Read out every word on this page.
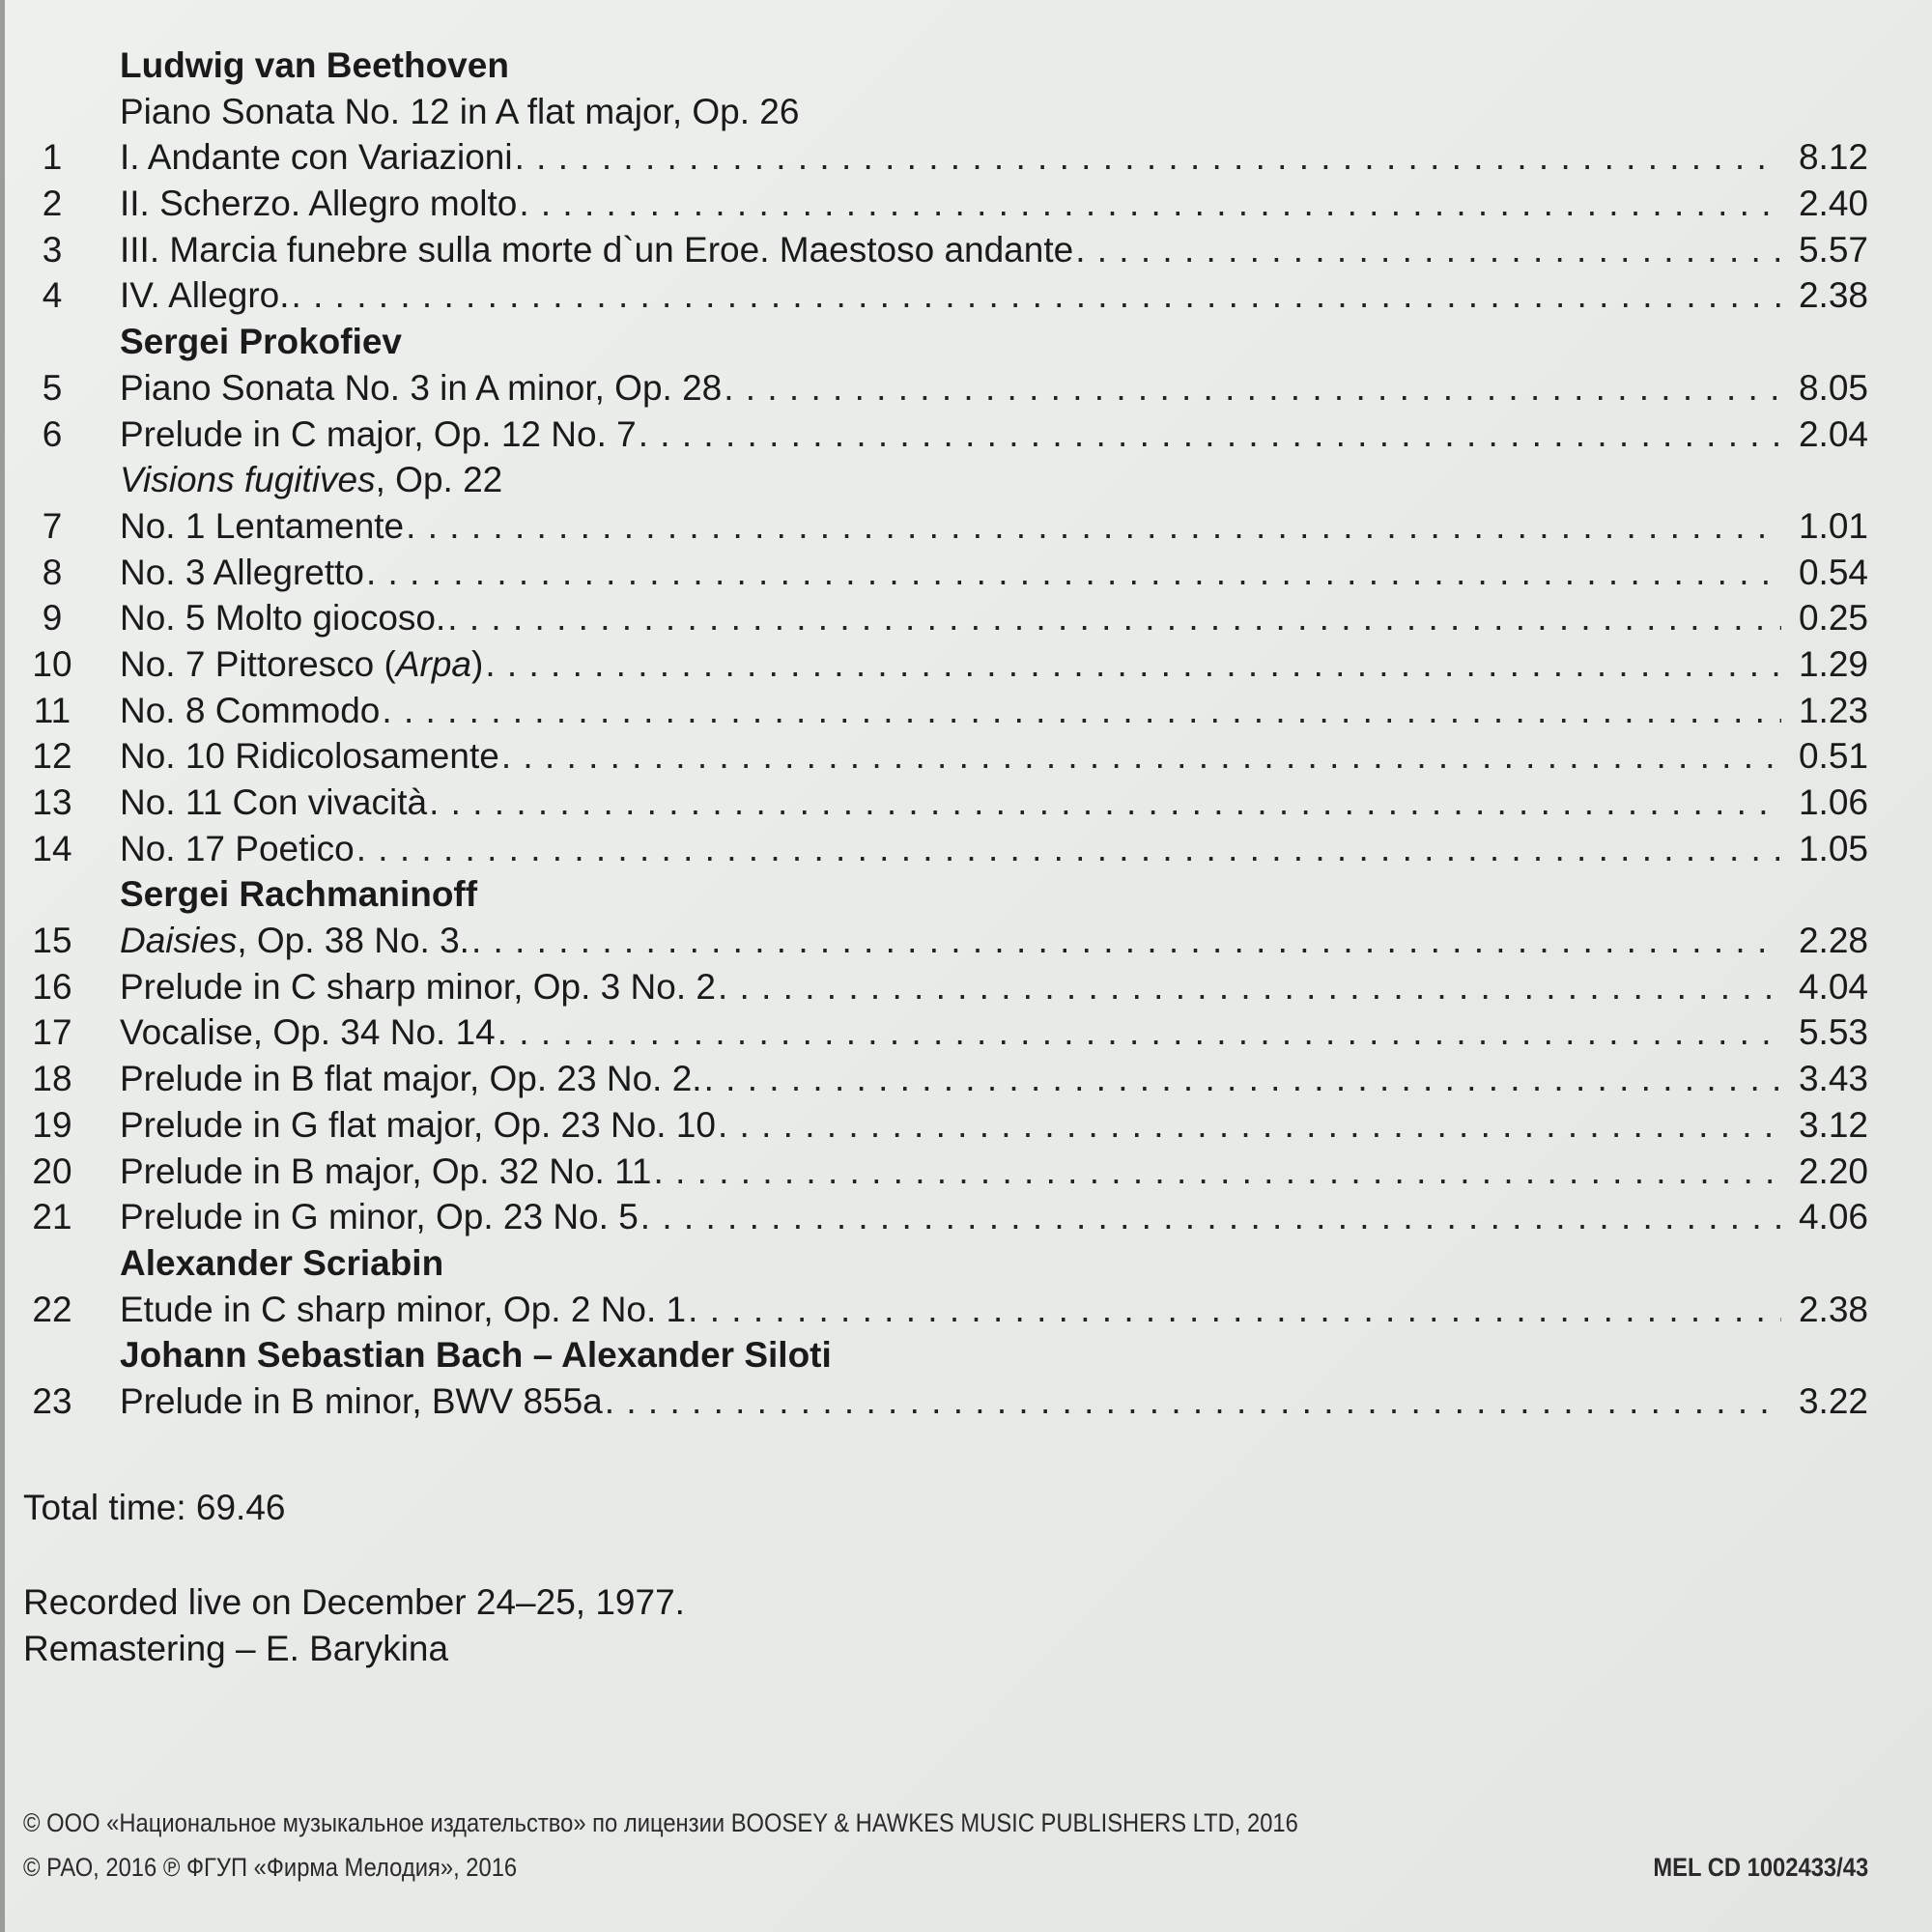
Ludwig van Beethoven
Piano Sonata No. 12 in A flat major, Op. 26
1	I. Andante con Variazioni . . .	8.12
2	II. Scherzo. Allegro molto . . .	2.40
3	III. Marcia funebre sulla morte d`un Eroe. Maestoso andante . . .	5.57
4	IV. Allegro. . . .	2.38
Sergei Prokofiev
5	Piano Sonata No. 3 in A minor, Op. 28 . . .	8.05
6	Prelude in C major, Op. 12 No. 7 . . .	2.04
Visions fugitives, Op. 22
7	No. 1 Lentamente . . .	1.01
8	No. 3 Allegretto . . .	0.54
9	No. 5 Molto giocoso. . . .	0.25
10	No. 7 Pittoresco (Arpa) . . .	1.29
11	No. 8 Commodo . . .	1.23
12	No. 10 Ridicolosamente . . .	0.51
13	No. 11 Con vivacità . . .	1.06
14	No. 17 Poetico . . .	1.05
Sergei Rachmaninoff
15	Daisies, Op. 38 No. 3. . . .	2.28
16	Prelude in C sharp minor, Op. 3 No. 2 . . .	4.04
17	Vocalise, Op. 34 No. 14 . . .	5.53
18	Prelude in B flat major, Op. 23 No. 2. . . .	3.43
19	Prelude in G flat major, Op. 23 No. 10 . . .	3.12
20	Prelude in B major, Op. 32 No. 11 . . .	2.20
21	Prelude in G minor, Op. 23 No. 5 . . .	4.06
Alexander Scriabin
22	Etude in C sharp minor, Op. 2 No. 1 . . .	2.38
Johann Sebastian Bach – Alexander Siloti
23	Prelude in B minor, BWV 855a . . .	3.22
Total time: 69.46
Recorded live on December 24–25, 1977.
Remastering – E. Barykina
© ООО «Национальное музыкальное издательство» по лицензии BOOSEY & HAWKES MUSIC PUBLISHERS LTD, 2016
© РАО, 2016 ℗ ФГУП «Фирма Мелодия», 2016	MEL CD 1002433/43
